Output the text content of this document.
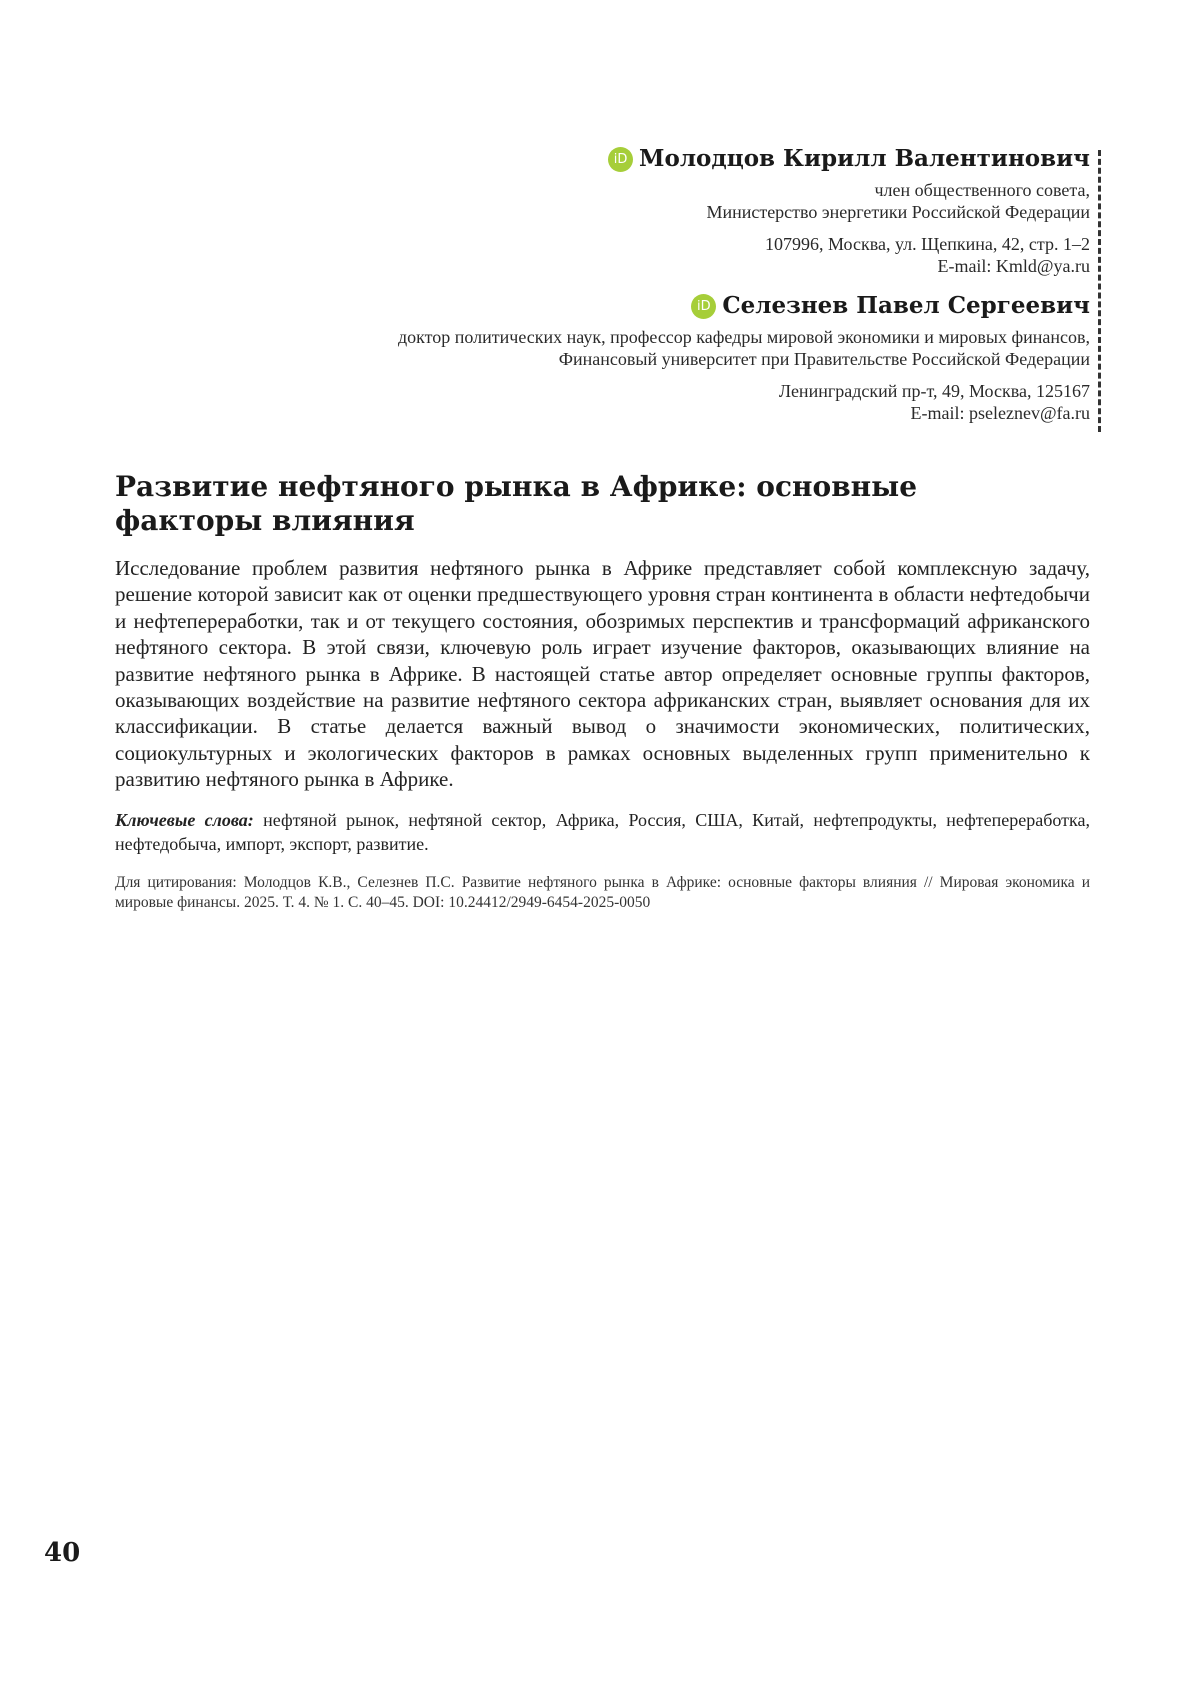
iD Молодцов Кирилл Валентинович
член общественного совета,
Министерство энергетики Российской Федерации
107996, Москва, ул. Щепкина, 42, стр. 1–2
E-mail: Kmld@ya.ru
iD Селезнев Павел Сергеевич
доктор политических наук, профессор кафедры мировой экономики и мировых финансов,
Финансовый университет при Правительстве Российской Федерации
Ленинградский пр-т, 49, Москва, 125167
E-mail: pseleznev@fa.ru
Развитие нефтяного рынка в Африке: основные факторы влияния

Исследование проблем развития нефтяного рынка в Африке представляет собой комплексную задачу, решение которой зависит как от оценки предшествующего уровня стран континента в области нефтедобычи и нефтепереработки, так и от текущего состояния, обозримых перспектив и трансформаций африканского нефтяного сектора. В этой связи, ключевую роль играет изучение факторов, оказывающих влияние на развитие нефтяного рынка в Африке. В настоящей статье автор определяет основные группы факторов, оказывающих воздействие на развитие нефтяного сектора африканских стран, выявляет основания для их классификации. В статье делается важный вывод о значимости экономических, политических, социокультурных и экологических факторов в рамках основных выделенных групп применительно к развитию нефтяного рынка в Африке.

Ключевые слова: нефтяной рынок, нефтяной сектор, Африка, Россия, США, Китай, нефтепродукты, нефтепереработка, нефтедобыча, импорт, экспорт, развитие.

Для цитирования: Молодцов К.В., Селезнев П.С. Развитие нефтяного рынка в Африке: основные факторы влияния // Мировая экономика и мировые финансы. 2025. Т. 4. № 1. С. 40–45. DOI: 10.24412/2949-6454-2025-0050

40
